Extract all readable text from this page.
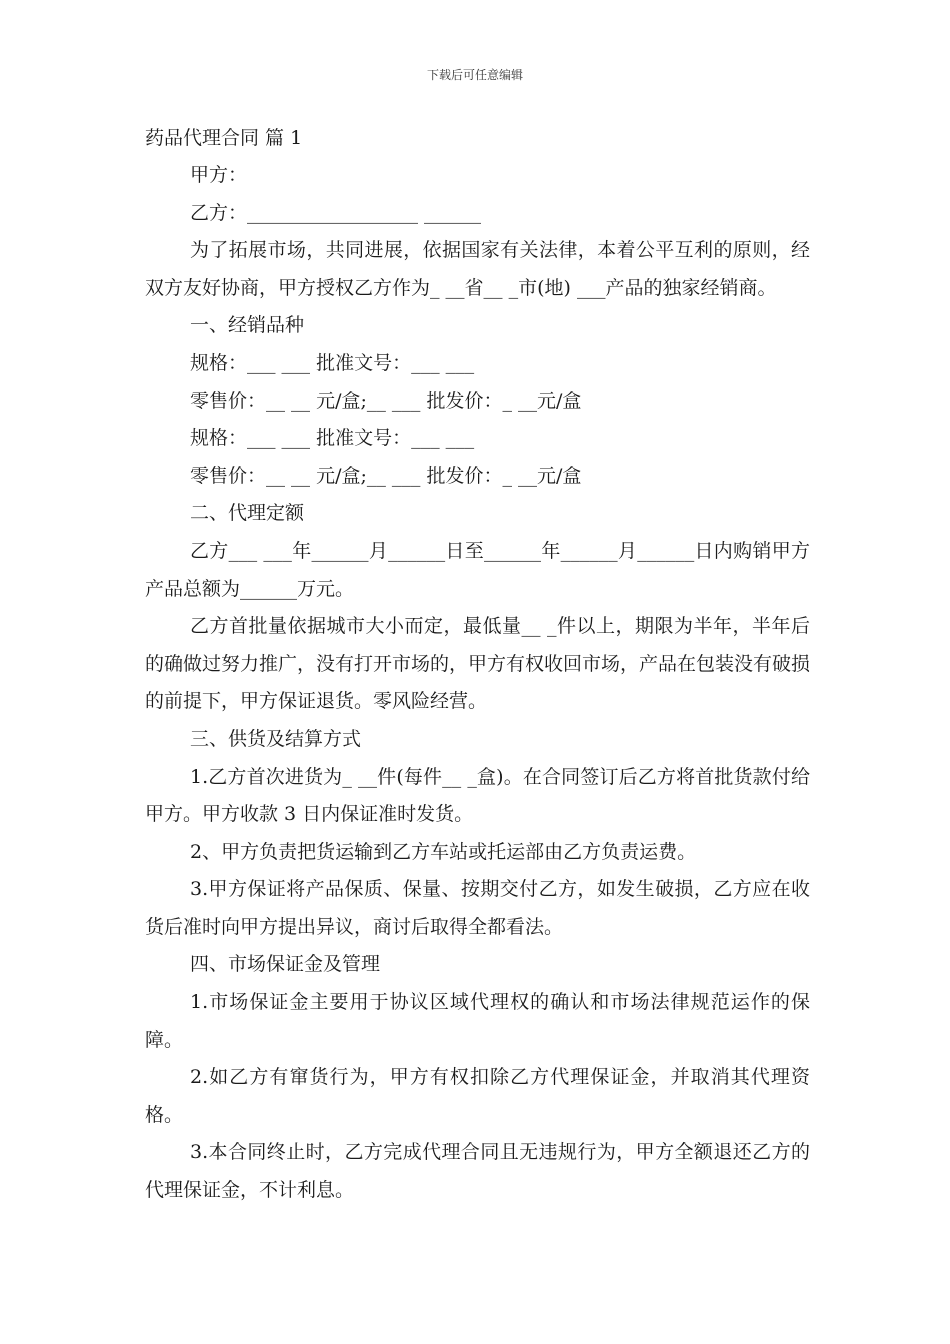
下载后可任意编辑

药品代理合同 篇 1

甲方：

乙方：__________________ ______

为了拓展市场，共同进展，依据国家有关法律，本着公平互利的原则，经双方友好协商，甲方授权乙方作为_ __省__ _市(地) ___产品的独家经销商。

一、经销品种

规格：___ ___ 批准文号：___ ___

零售价：__ __ 元/盒;__ ___ 批发价：_ __元/盒

规格：___ ___ 批准文号：___ ___

零售价：__ __ 元/盒;__ ___ 批发价：_ __元/盒

二、代理定额

乙方___ ___年______月______日至______年______月______日内购销甲方产品总额为______万元。

乙方首批量依据城市大小而定，最低量__ _件以上，期限为半年，半年后的确做过努力推广，没有打开市场的，甲方有权收回市场，产品在包装没有破损的前提下，甲方保证退货。零风险经营。

三、供货及结算方式

1.乙方首次进货为_ __件(每件__ _盒)。在合同签订后乙方将首批货款付给甲方。甲方收款 3 日内保证准时发货。

2、甲方负责把货运输到乙方车站或托运部由乙方负责运费。

3.甲方保证将产品保质、保量、按期交付乙方，如发生破损，乙方应在收货后准时向甲方提出异议，商讨后取得全都看法。

四、市场保证金及管理

1.市场保证金主要用于协议区域代理权的确认和市场法律规范运作的保障。

2.如乙方有窜货行为，甲方有权扣除乙方代理保证金，并取消其代理资格。

3.本合同终止时，乙方完成代理合同且无违规行为，甲方全额退还乙方的代理保证金，不计利息。
